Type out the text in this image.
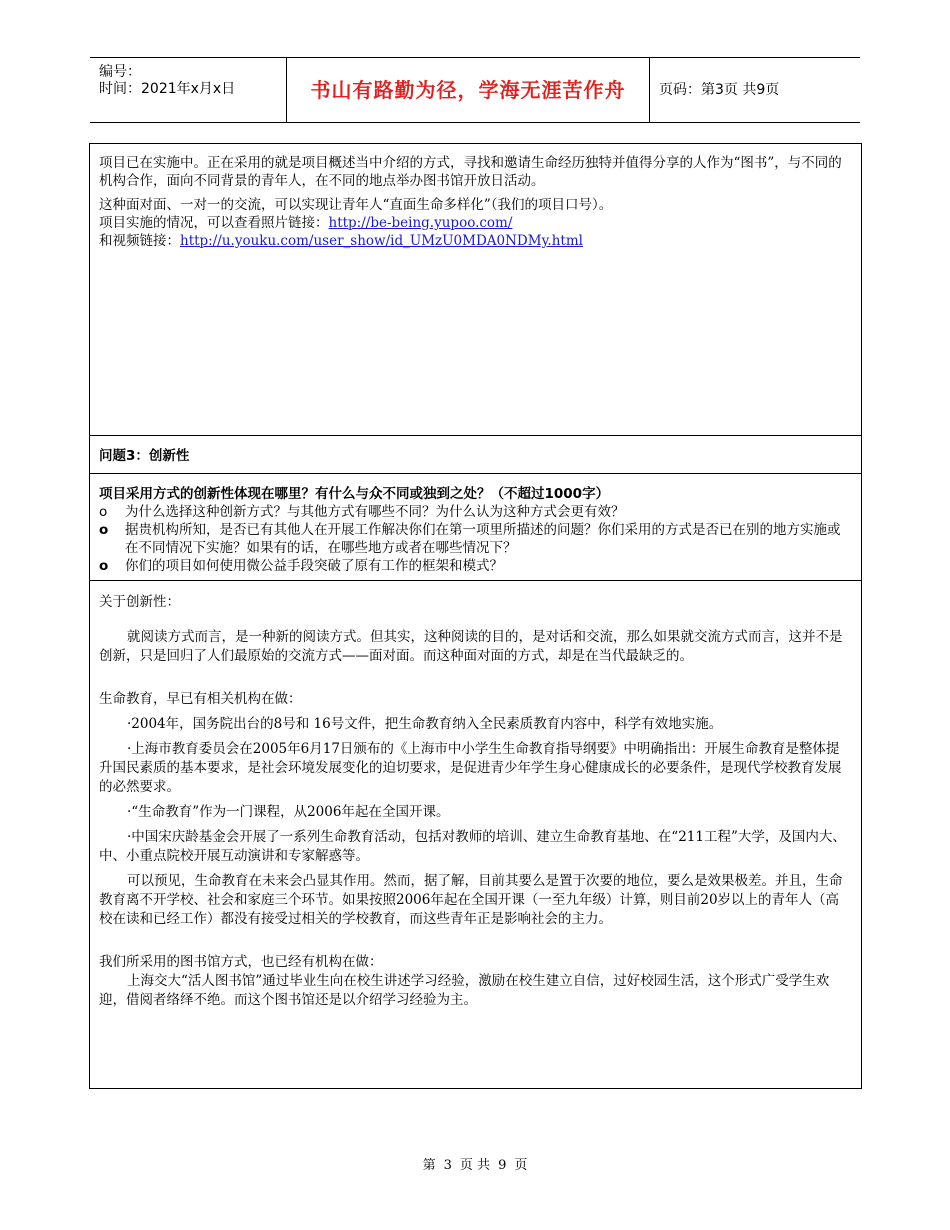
编号：
时间：2021年x月x日	书山有路勤为径，学海无涯苦作舟	页码：第3页 共9页

项目已在实施中。正在采用的就是项目概述当中介绍的方式，寻找和邀请生命经历独特并值得分享的人作为“图书”，与不同的机构合作，面向不同背景的青年人，在不同的地点举办图书馆开放日活动。

这种面对面、一对一的交流，可以实现让青年人“直面生命多样化”（我们的项目口号）。

项目实施的情况，可以查看照片链接：http://be-being.yupoo.com/

和视频链接：http://u.youku.com/user_show/id_UMzU0MDA0NDMy.html

问题3：创新性

项目采用方式的创新性体现在哪里？有什么与众不同或独到之处？（不超过1000字）

o 为什么选择这种创新方式？与其他方式有哪些不同？为什么认为这种方式会更有效？
o 据贵机构所知，是否已有其他人在开展工作解决你们在第一项里所描述的问题？你们采用的方式是否已在别的地方实施或在不同情况下实施？如果有的话，在哪些地方或者在哪些情况下？
o 你们的项目如何使用微公益手段突破了原有工作的框架和模式？

关于创新性：

就阅读方式而言，是一种新的阅读方式。但其实，这种阅读的目的，是对话和交流，那么如果就交流方式而言，这并不是创新，只是回归了人们最原始的交流方式——面对面。而这种面对面的方式，却是在当代最缺乏的。

生命教育，早已有相关机构在做：

·2004年，国务院出台的8号和 16号文件，把生命教育纳入全民素质教育内容中，科学有效地实施。

·上海市教育委员会在2005年6月17日颁布的《上海市中小学生生命教育指导纲要》中明确指出：开展生命教育是整体提升国民素质的基本要求，是社会环境发展变化的迫切要求，是促进青少年学生身心健康成长的必要条件，是现代学校教育发展的必然要求。

·“生命教育”作为一门课程，从2006年起在全国开课。

·中国宋庆龄基金会开展了一系列生命教育活动，包括对教师的培训、建立生命教育基地、在“211工程”大学，及国内大、中、小重点院校开展互动演讲和专家解惑等。

可以预见，生命教育在未来会凸显其作用。然而，据了解，目前其要么是置于次要的地位，要么是效果极差。并且，生命教育离不开学校、社会和家庭三个环节。如果按照2006年起在全国开课（一至九年级）计算，则目前20岁以上的青年人（高校在读和已经工作）都没有接受过相关的学校教育，而这些青年正是影响社会的主力。

我们所采用的图书馆方式，也已经有机构在做：

上海交大“活人图书馆”通过毕业生向在校生讲述学习经验，激励在校生建立自信，过好校园生活，这个形式广受学生欢迎，借阅者络绎不绝。而这个图书馆还是以介绍学习经验为主。

第 3 页 共 9 页
